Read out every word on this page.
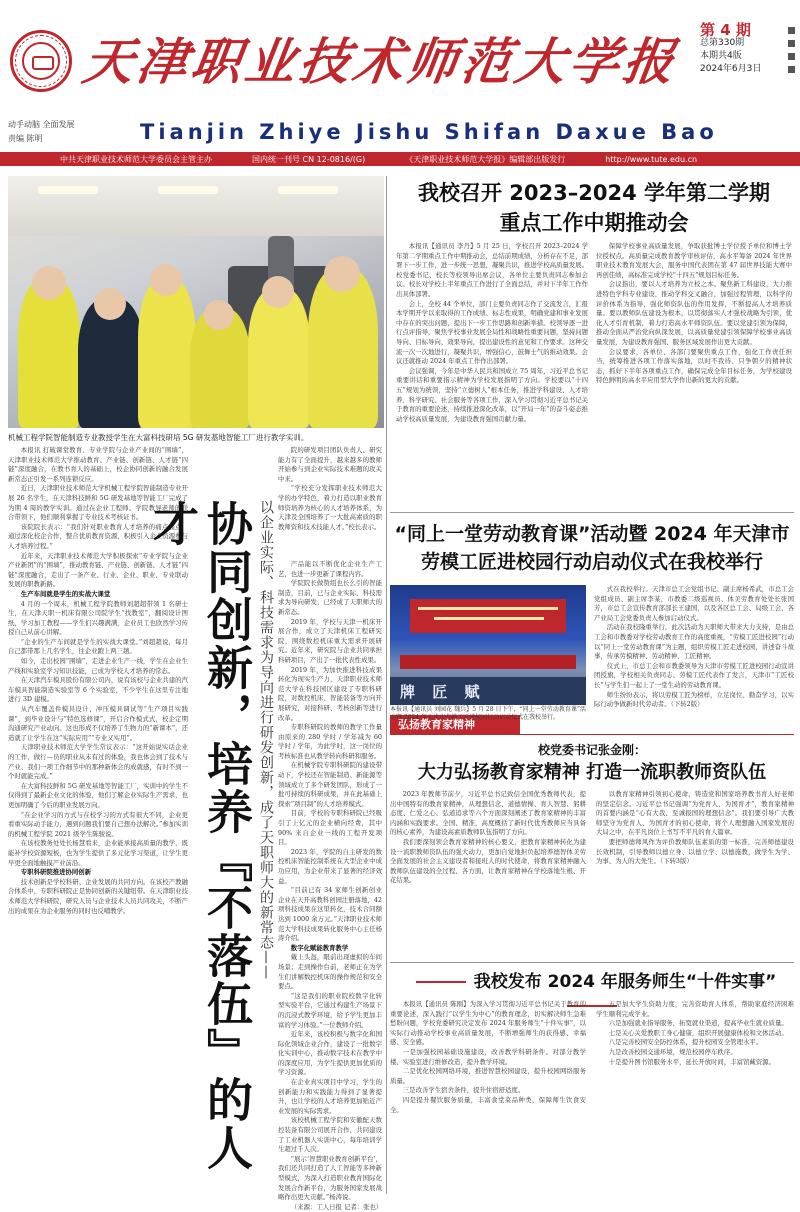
天津职业技术师范大学报
第 4 期
总第330期
本期共4版
2024年6月3日
动手动脑 全面发展
责编 陈明	Tianjin Zhiye Jishu Shifan Daxue Bao
中共天津职业技术师范大学委员会主管主办	国内统一刊号 CN 12-0816/(G)	《天津职业技术师范大学报》编辑部出版发行	http://www.tute.edu.cn
机械工程学院智能制造专业教授学生在大富科技研培 5G 研发基地智能工厂进行教学实训。

本报讯 打破课堂教育、专业学院与企业产业间的“围墙”，天津职业技术师范大学推动教育、产业链、创新链、人才链“四链”深度融合，在教书育人的基础上，校企协同创新的融合发展新常态正引发一系列连锁反应。

近日，天津职业技术师范大学机械工程学院智能制造专业开展 26 名学生，在天津科技鲜和 5G 研发基地等智能工厂完成了为期 4 周的教学实训。通过在企业工程师、学院教导老师的联合带领下，他们顺利掌握了专业技术考核证书。

该院院长表示：“我们针对职业教育人才培养的痛点痛点，通过深化校企合作，整合优质教育资源，积极引入企业资源参与人才培养过程。”

近年来，天津职业技术师范大学积极探索“专业学院与企业产业新团”的“围墙”，推动教育链、产业链、创新链、人才链“四链”深度融合，走出了一条产业、行业、企业、职业、专业联动发展的职教新路。

生产车间就是学生的实战大课堂

4 月的一个周末，机械工程学院教师刘超超带领 1 名研士生，在天津天职一机床有限公司院学生“找教室”，翻阅设计图纸，学习加工教程——学生们兴趣满满，企业员工也欣然学习传授自己从前心讲解。

“企业的生产车间就是学生的实战大课堂。”刘超超说，每月自己都带那上几名学生，往企业跑上两三趟。

如今，走出校园“围墙”，走进企业生产一线，学生在企业生产线和实验室学习知识技能，已成为学校人才培养的常态。

在天津汽车模具股份有限公司内，说有该校与企业共建的汽车模具智能制造实验室等 6 个实验室，不少学生在这里专注地进行 3D 建模。

从汽车覆盖件模具设计、冲压模具调试等“生产项目实践课”，到毕业设计与“特色选修课”，开启合作模式式，校企定期沟通研究产业动向。这也形成不仅培养了生物力的“新课本”，还造就了让学生在这“实际应用”“专业又实用”。

天津职业技术师范大学学生常议表示：“这开始说实话企业的工作，做行—员的职业从未有过的体验，我也体会到了技术与产业、我们一项工作细节中的那种新体会的成就感，有时不到一个时就能完成。”

在大富科技鲜和 5G 研发基地等智能工厂，实训中的学生不仅得到了最新企业文化的体验，他们了解企业实际生产需求，也更加明确了今后的职业发展方向。

“在企业学习的方式与在校学习的方式有很大不同，企业更看重实际动手能力，遇到问题我们要自己想办法解决。”参加实训的机械工程学院 2021 级学生陈骏说。

在该校教务处处长杨慧看来，企业能承接高质量的教学，既能补学校资源短板，也为学生提供了多元化学习渠道，让学生更早更全面地触摸产业前沿。

专职科研院推进协同创新

技术创新是学校科研、企业发展的共同方向。在该校产教融合体系中，专职科研院正是协同创新的关键纽带。在天津职业技术师范大学科研院，研究人员与企业技术人员共同攻关，不断产出的成果在为企业服务的同时也反哺教学。	协同创新，培养『不落伍』的人才	以企业实际、科技需求为导向进行研发创新，成了天职师大的新常态——

院的研发项目团队负责人、研究能力有了全面提升，越来越多的教师开始参与到企业实际技术难题的攻关中来。

“学校充分发挥职业技术师范大学的办学特色，着力打造以职业教育师资培养为核心的人才培养体系，为天津及全国培养了一大批高素质的职教师资和技术技能人才。”校长表示。

产品能以不断优化企业生产工艺，也进一步更新了课程内容。

学院院长做赞组也长么引的智能制造，目前，已与企业实际、科技需求为导向研发，已经成了天职师大的新常态。

2019 年，学校与天津一机床开展合作，成立了天津机床工程研究院，围绕数控机床重大需求开展研究。近年来，研究院与企业共同承担科研项目，产出了一批代表性成果。

2019 年，为加快推进科技成果转化为现实生产力，天津职业技术师范大学在科技园区建设了专职科研院，对数控机床、智能装备等方向开展研究，对接科研、考核创新等进行改革。

专职科研院的教师的教学工作量由原来的 280 学时 / 学年减为 60 学时 / 学年，为此学时，这一岗位的考核标准也从教学转向科研和服务。

在机械学院专职科研院的建设带动下，学校还在智能制造、新能源等领域成立了多个研发团队，形成了一批可持续的科研成果，并在此基础上探索“项目制”的人才培养模式。

目前，学校的专职科研院已经吸引了上亿元的企业横向经费，其中 90% 来自企业一线的工程开发项目。

2023 年，学院的自主研发的数控机床智能控制系统在大型企业中成功应用，为企业带来了显著的经济效益。

“目前已有 34 家师生创新创业企业在天开高教科创园注册落地，42 项科技成果在这里转化，技术合同额达到 1000 余万元。”天津职业技术师范大学科技成果转化服务中心主任杨涛介绍。

数字化赋能教育教学

戴上头盔，眼前出现虚拟的车间场景；走到操作台前，老师正在为学生们讲解数控机床的操作规范和安全要点。

“这是我们的职业院校数字化转型实验平台，它通过构建生产场景下的沉浸式教学环境，给予学生更加丰富的学习体验。”一位教师介绍。

近年来，该校积极与数字化和国际化领域企业合作，建设了一批数字化实训中心，推动数字技术在教学中的深度应用，为学生提供更加优质的学习资源。

在企业真实项目中学习，学生的创新能力和实践能力得到了显著提升，也让学校的人才培养更加贴近产业发展的实际需求。

该校机械工程学院和安徽配天数控装备有限公司展开合作，共同建设了工业机器人实训中心，每年培训学生超过千人次。

“展示‘智慧职业教育创新平台’，我们还共同打造了人工智能等多种新型模式，为深入打造职业教育国际化发展合作新平台，为服务国家发展战略作出更大贡献。”杨涛说。

（来源：工人日报 记者：张也）

我校召开 2023–2024 学年第二学期
重点工作中期推动会

本报讯【通讯员 李丹】5 月 25 日，学校召开 2023–2024 学年第二学期重点工作中期推动会，总结前期成绩，分析存在不足，部署下一步工作，进一步统一思想，凝聚共识，推进学校高质量发展。校党委书记、校长等校领导出席会议，各单位主要负责同志参加会议。校长对学校上半年重点工作进行了全面总结，并对下半年工作作出具体部署。

会上，全校 44 个单位、部门主要负责同志作了交流发言，汇报本学期开学以来取得的工作成绩、标志性成果，明确党建和事业发展中存在的突出问题，提出下一步工作思路和创新举措。校领导逐一进行点评指导，聚焦学校事业发展全局性和战略性重要问题，坚持问题导向、目标导向、效果导向，提出建设性的意见和工作要求。这种交流一次一次地进行，凝聚共识，增强信心，鼓舞士气的推动效果。会议还就推动 2024 年重点工作作出部署。

会议强调，今年是中华人民共和国成立 75 周年，习近平总书记重要讲话和重要指示精神为学校发展指明了方向。学校要以“十四五”规划为统领，坚持“立德树人”根本任务，推进学科建设、人才培养、科学研究、社会服务等各项工作，深入学习贯彻习近平总书记关于教育的重要论述，持续推进深化改革，以“开局一年”的奋斗姿态推动学校高质量发展，为建设教育强国贡献力量。

保障学校事业高质量发展，争取获批博士学位授予单位和博士学位授权点。高质量完成教育教学审核评估，高水平筹备 2024 年世界职业技术教育发展大会，服务中国代表团在第 47 届世界技能大赛中再创佳绩，高标准完成学校“十四五”规划目标任务。

会议指出，要以人才培养为立校之本。聚焦新工科建设，大力推进特色学科专业建设，推动学科交叉融合，加强过程管理，以科学的评价体系为指导，强化师资队伍的作用发挥，不断提高人才培养质量。要以教师队伍建设为根本，以贯彻落实人才强校战略为引领，优化人才引育机制，着力打造高水平师资队伍。要以党建引领为保障，推动全面从严治党向纵深发展，以高质量党建引领保障学校事业高质量发展，为建设教育强国、服务区域发展作出更大贡献。

会议要求，各单位、各部门要聚焦重点工作，强化工作责任担当，统筹推进各项工作落实落地，以时不我待、只争朝夕的精神状态，抓好下半年各项重点工作，确保完成全年目标任务，为学校建设特色鲜明的高水平应用型大学作出新的更大的贡献。

“同上一堂劳动教育课”活动暨 2024 年天津市
劳模工匠进校园行动启动仪式在我校举行
牌 匠 赋

式在我校举行。天津市总工会党组书记、副主席杨希武，市总工会党组成员、副主席李某，市教委二级巡视员、体美劳教育处处长张国芳，市总工会宣传教育部部长王建国，以及各区总工会、局级工会、各产业局工会党委负责人参加启动仪式。

活动在我校隆重举行，此次活动为天职师大带来大力支持，是由总工会和市教委对学校劳动教育工作的高度重视，“劳模工匠进校园”行动以“同上一堂劳动教育课”为主题，组织劳模工匠走进校园，讲述奋斗故事，传承劳模精神、劳动精神、工匠精神。

仪式上，市总工会和市教委领导为天津市劳模工匠进校园行动宣讲团授旗，学校相关负责同志、劳模工匠代表作了发言，天津市“工匠校长”与学生们一起上了一堂生动的劳动教育课。

师生纷纷表示，将以劳模工匠为榜样，立足岗位、勤奋学习，以实际行动争做新时代劳动者。（下转2版）

弘扬教育家精神
校党委书记张金刚：
大力弘扬教育家精神 打造一流职教师资队伍

2023 年教师节前夕，习近平总书记致信全国优秀教师代表，提出中国特有的教育家精神，从理想信念、道德情操、育人智慧、躬耕态度、仁爱之心、弘道追求等六个方面深刻阐述了教育家精神的丰富内涵和实践要求。全国、精准，高度概括了新时代优秀教师应当具备的核心素养，为建设高素质教师队伍指明了方向。

我们要深刻领会教育家精神的核心要义，把教育家精神转化为建设一流职教师资队伍的强大动力，更加自觉地担负起培养德智体美劳全面发展的社会主义建设者和接班人的时代使命，将教育家精神融入教师队伍建设的全过程、各方面，让教育家精神在学校落地生根、开花结果。

以教育家精神引领初心使命，铸造党和国家培养教书育人好老师的坚定信念。习近平总书记强调“为党育人、为国育才”，教育家精神的首要内涵是“心有大我、至诚报国的理想信念”。我们要引导广大教师坚守为党育人、为国育才的初心使命，将个人理想融入国家发展的大局之中，在平凡岗位上书写不平凡的育人篇章。

要把师德师风作为评价教师队伍素质的第一标准，完善师德建设长效机制，引导教师以德立身、以德立学、以德施教，做学生为学、为事、为人的大先生。（下转3版）

我校发布 2024 年服务师生“十件实事”

本报讯【通讯员 陈刚】为深入学习贯彻习近平总书记关于教育的重要论述，深入践行“以学生为中心”的教育理念，切实解决师生急难愁盼问题，学校党委研究决定发布 2024 年服务师生“十件实事”，以实际行动推动学校事业高质量发展，不断增强师生的获得感、幸福感、安全感。

一是加强校园基础设施建设，改善教学科研条件。对部分教学楼、实验室进行维修改造，提升教学环境。

二是优化校园网络环境，推进智慧校园建设，提升校园网络服务质量。

三是改善学生宿舍条件，提升住宿舒适度。

四是提升餐饮服务质量，丰富食堂菜品种类，保障师生饮食安全。

五是加大学生资助力度，完善资助育人体系，帮助家庭经济困难学生顺利完成学业。

六是加强就业指导服务，拓宽就业渠道，提高毕业生就业质量。

七是关心关爱教职工身心健康，组织开展健康体检和文体活动。

八是完善校园安全防控体系，提升校园安全管理水平。

九是改善校园交通环境，规范校园停车秩序。

十是提升图书馆服务水平，延长开放时间，丰富馆藏资源。

本报讯【通讯员 刘园花 魏兵】5 月 28 日下午，“同上一堂劳动教育课”活动暨 2024 年天津市劳模工匠进校园行动启动仪式在我校举行。
